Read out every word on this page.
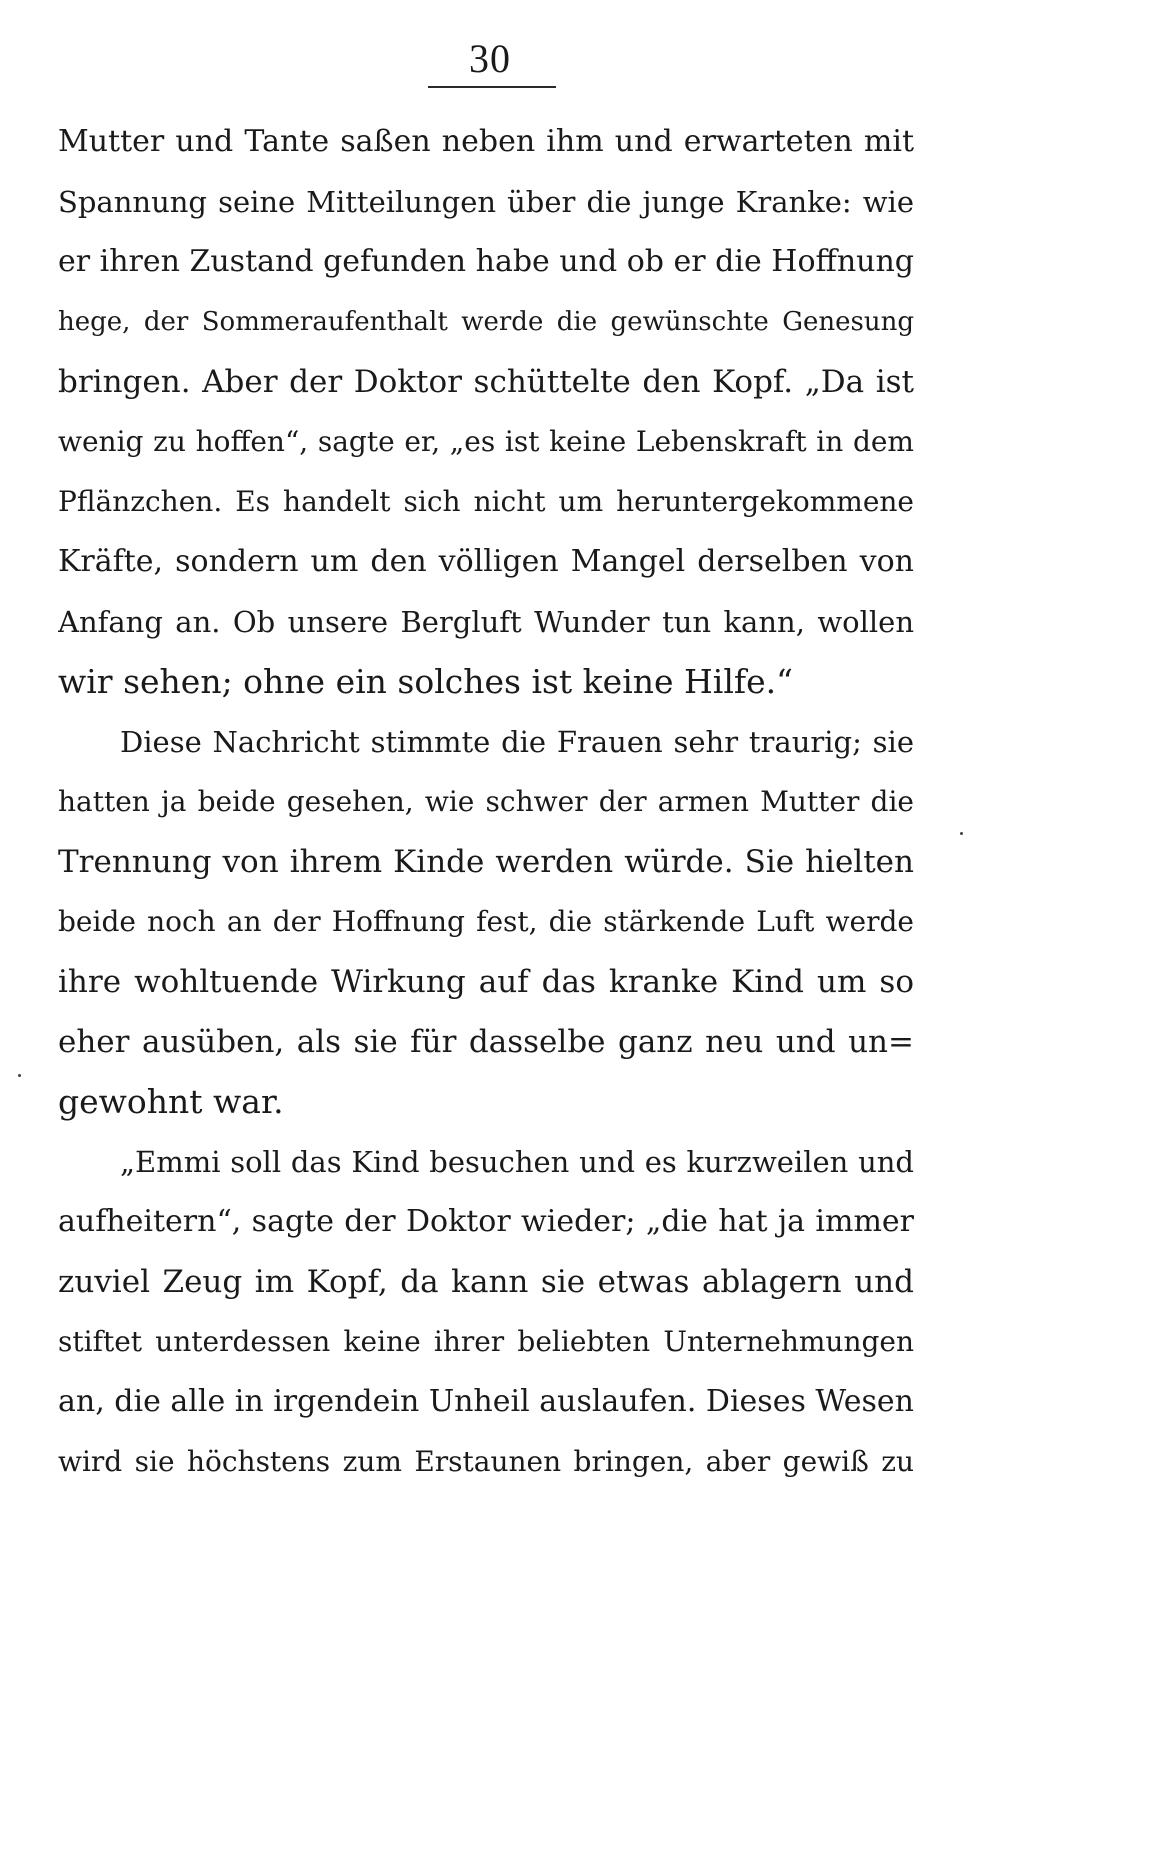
30
Mutter und Tante saßen neben ihm und erwarteten mit
Spannung seine Mitteilungen über die junge Kranke: wie
er ihren Zustand gefunden habe und ob er die Hoffnung
hege, der Sommeraufenthalt werde die gewünschte Genesung
bringen. Aber der Doktor schüttelte den Kopf. „Da ist
wenig zu hoffen“, sagte er, „es ist keine Lebenskraft in dem
Pflänzchen. Es handelt sich nicht um heruntergekommene
Kräfte, sondern um den völligen Mangel derselben von
Anfang an. Ob unsere Bergluft Wunder tun kann, wollen
wir sehen; ohne ein solches ist keine Hilfe.“
Diese Nachricht stimmte die Frauen sehr traurig; sie
hatten ja beide gesehen, wie schwer der armen Mutter die
Trennung von ihrem Kinde werden würde. Sie hielten
beide noch an der Hoffnung fest, die stärkende Luft werde
ihre wohltuende Wirkung auf das kranke Kind um so
eher ausüben, als sie für dasselbe ganz neu und un=
gewohnt war.
„Emmi soll das Kind besuchen und es kurzweilen und
aufheitern“, sagte der Doktor wieder; „die hat ja immer
zuviel Zeug im Kopf, da kann sie etwas ablagern und
stiftet unterdessen keine ihrer beliebten Unternehmungen
an, die alle in irgendein Unheil auslaufen. Dieses Wesen
wird sie höchstens zum Erstaunen bringen, aber gewiß zu
